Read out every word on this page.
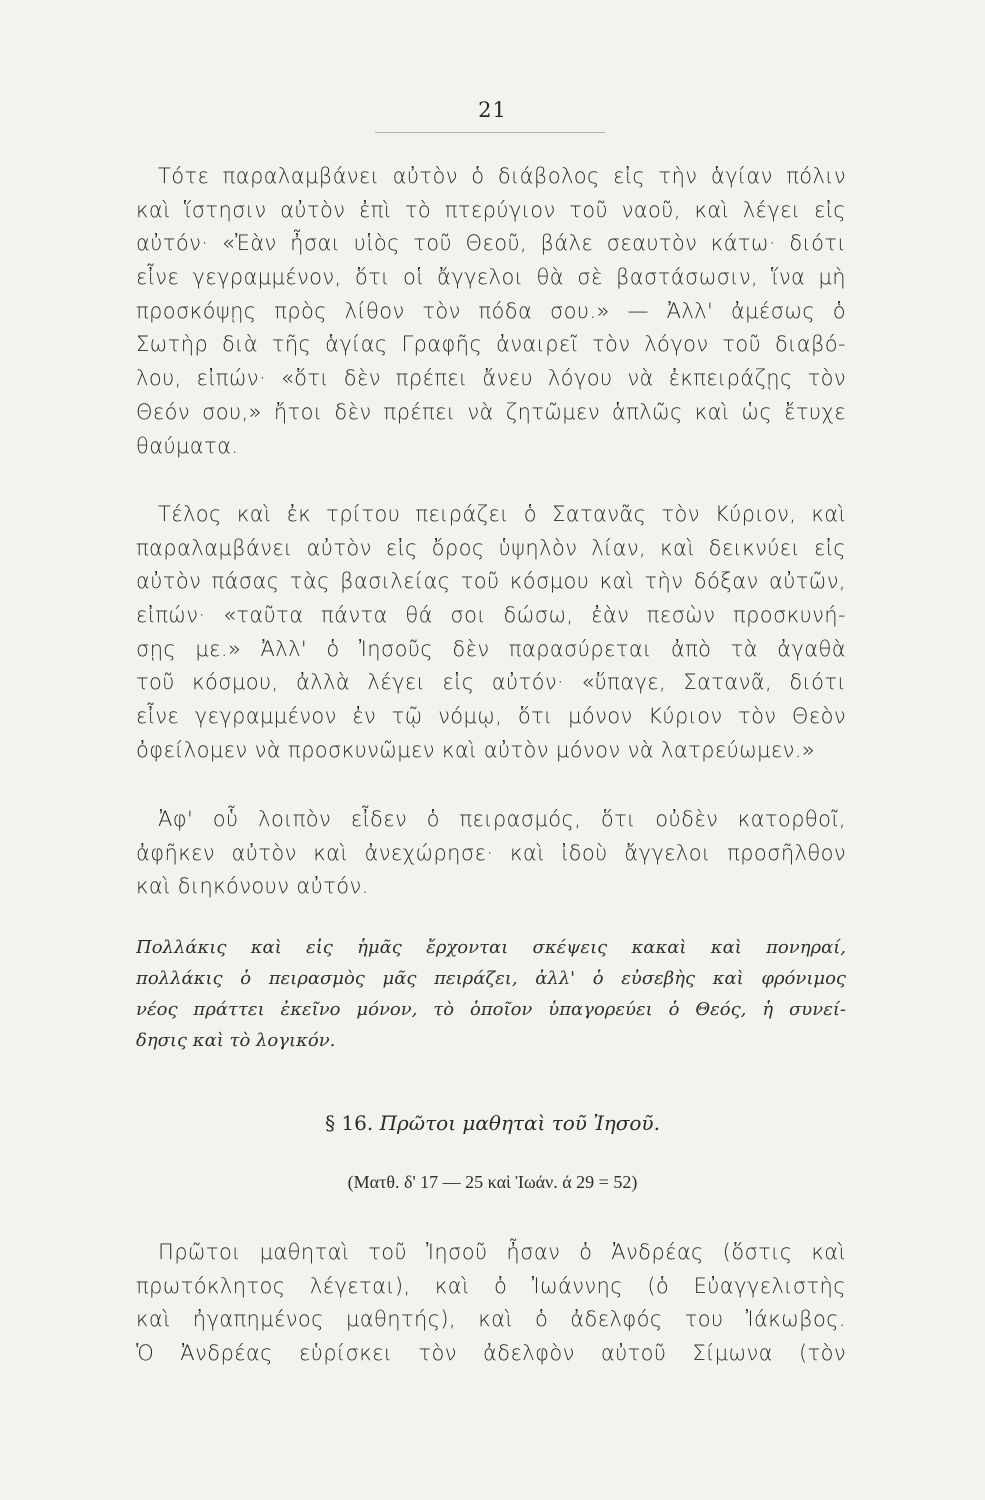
21
Τότε παραλαμβάνει αὐτὸν ὁ διάβολος εἰς τὴν ἁγίαν πόλιν
καὶ ἵστησιν αὐτὸν ἐπὶ τὸ πτερύγιον τοῦ ναοῦ, καὶ λέγει εἰς
αὐτόν· «Ἐὰν ἦσαι υἱὸς τοῦ Θεοῦ, βάλε σεαυτὸν κάτω· διότι
εἶνε γεγραμμένον, ὅτι οἱ ἄγγελοι θὰ σὲ βαστάσωσιν, ἵνα μὴ
προσκόψῃς πρὸς λίθον τὸν πόδα σου.» — Ἀλλ' ἀμέσως ὁ
Σωτὴρ διὰ τῆς ἁγίας Γραφῆς ἀναιρεῖ τὸν λόγον τοῦ διαβό-
λου, εἰπών· «ὅτι δὲν πρέπει ἄνευ λόγου νὰ ἐκπειράζῃς τὸν
Θεόν σου,» ἤτοι δὲν πρέπει νὰ ζητῶμεν ἁπλῶς καὶ ὡς ἔτυχε
θαύματα.
Τέλος καὶ ἐκ τρίτου πειράζει ὁ Σατανᾶς τὸν Κύριον, καὶ
παραλαμβάνει αὐτὸν εἰς ὄρος ὑψηλὸν λίαν, καὶ δεικνύει εἰς
αὐτὸν πάσας τὰς βασιλείας τοῦ κόσμου καὶ τὴν δόξαν αὐτῶν,
εἰπών· «ταῦτα πάντα θά σοι δώσω, ἐὰν πεσὼν προσκυνή-
σῃς με.» Ἀλλ' ὁ Ἰησοῦς δὲν παρασύρεται ἀπὸ τὰ ἀγαθὰ
τοῦ κόσμου, ἀλλὰ λέγει εἰς αὐτόν· «ὕπαγε, Σατανᾶ, διότι
εἶνε γεγραμμένον ἐν τῷ νόμῳ, ὅτι μόνον Κύριον τὸν Θεὸν
ὀφείλομεν νὰ προσκυνῶμεν καὶ αὐτὸν μόνον νὰ λατρεύωμεν.»
Ἀφ' οὗ λοιπὸν εἶδεν ὁ πειρασμός, ὅτι οὐδὲν κατορθοῖ,
ἀφῆκεν αὐτὸν καὶ ἀνεχώρησε· καὶ ἰδοὺ ἄγγελοι προσῆλθον
καὶ διηκόνουν αὐτόν.
Πολλάκις καὶ εἰς ἡμᾶς ἔρχονται σκέψεις κακαὶ καὶ πονηραί,
πολλάκις ὁ πειρασμὸς μᾶς πειράζει, ἀλλ' ὁ εὐσεβὴς καὶ φρόνιμος
νέος πράττει ἐκεῖνο μόνον, τὸ ὁποῖον ὑπαγορεύει ὁ Θεός, ἡ συνεί-
δησις καὶ τὸ λογικόν.
§ 16. Πρῶτοι μαθηταὶ τοῦ Ἰησοῦ.
(Ματθ. δ' 17 — 25 καὶ Ἰωάν. ά 29 = 52)
Πρῶτοι μαθηταὶ τοῦ Ἰησοῦ ἦσαν ὁ Ἀνδρέας (ὅστις καὶ
πρωτόκλητος λέγεται), καὶ ὁ Ἰωάννης (ὁ Εὐαγγελιστὴς
καὶ ἠγαπημένος μαθητής), καὶ ὁ ἀδελφός του Ἰάκωβος.
Ὁ Ἀνδρέας εὑρίσκει τὸν ἀδελφὸν αὐτοῦ Σίμωνα (τὸν
